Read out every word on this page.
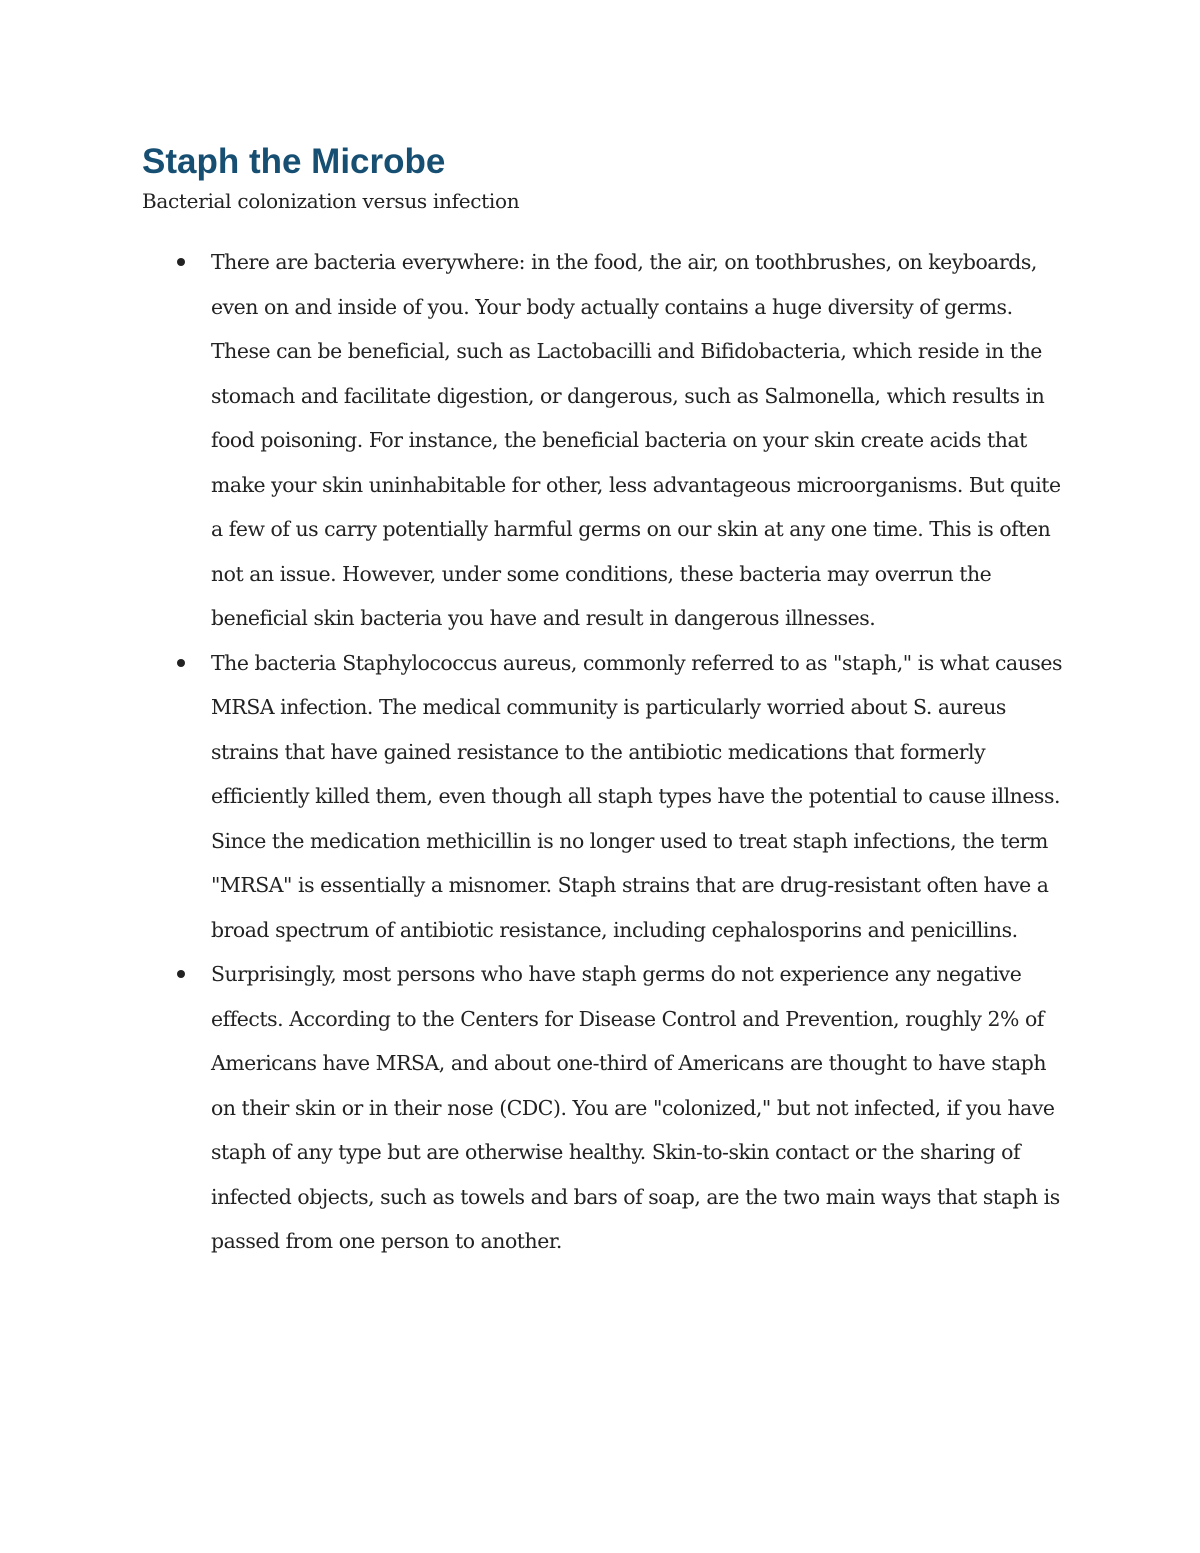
Staph the Microbe

Bacterial colonization versus infection

There are bacteria everywhere: in the food, the air, on toothbrushes, on keyboards, even on and inside of you. Your body actually contains a huge diversity of germs. These can be beneficial, such as Lactobacilli and Bifidobacteria, which reside in the stomach and facilitate digestion, or dangerous, such as Salmonella, which results in food poisoning. For instance, the beneficial bacteria on your skin create acids that make your skin uninhabitable for other, less advantageous microorganisms. But quite a few of us carry potentially harmful germs on our skin at any one time. This is often not an issue. However, under some conditions, these bacteria may overrun the beneficial skin bacteria you have and result in dangerous illnesses.
The bacteria Staphylococcus aureus, commonly referred to as "staph," is what causes MRSA infection. The medical community is particularly worried about S. aureus strains that have gained resistance to the antibiotic medications that formerly efficiently killed them, even though all staph types have the potential to cause illness. Since the medication methicillin is no longer used to treat staph infections, the term "MRSA" is essentially a misnomer. Staph strains that are drug-resistant often have a broad spectrum of antibiotic resistance, including cephalosporins and penicillins.
Surprisingly, most persons who have staph germs do not experience any negative effects. According to the Centers for Disease Control and Prevention, roughly 2% of Americans have MRSA, and about one-third of Americans are thought to have staph on their skin or in their nose (CDC). You are "colonized," but not infected, if you have staph of any type but are otherwise healthy. Skin-to-skin contact or the sharing of infected objects, such as towels and bars of soap, are the two main ways that staph is passed from one person to another.
